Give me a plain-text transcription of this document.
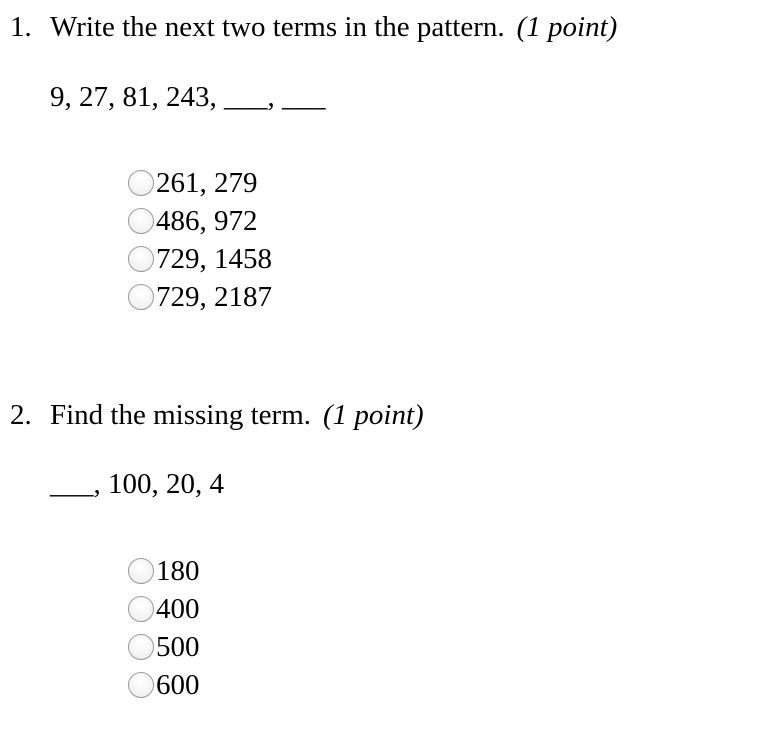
1. Write the next two terms in the pattern. (1 point)
9, 27, 81, 243, ___, ___
261, 279
486, 972
729, 1458
729, 2187
2. Find the missing term. (1 point)
___, 100, 20, 4
180
400
500
600
